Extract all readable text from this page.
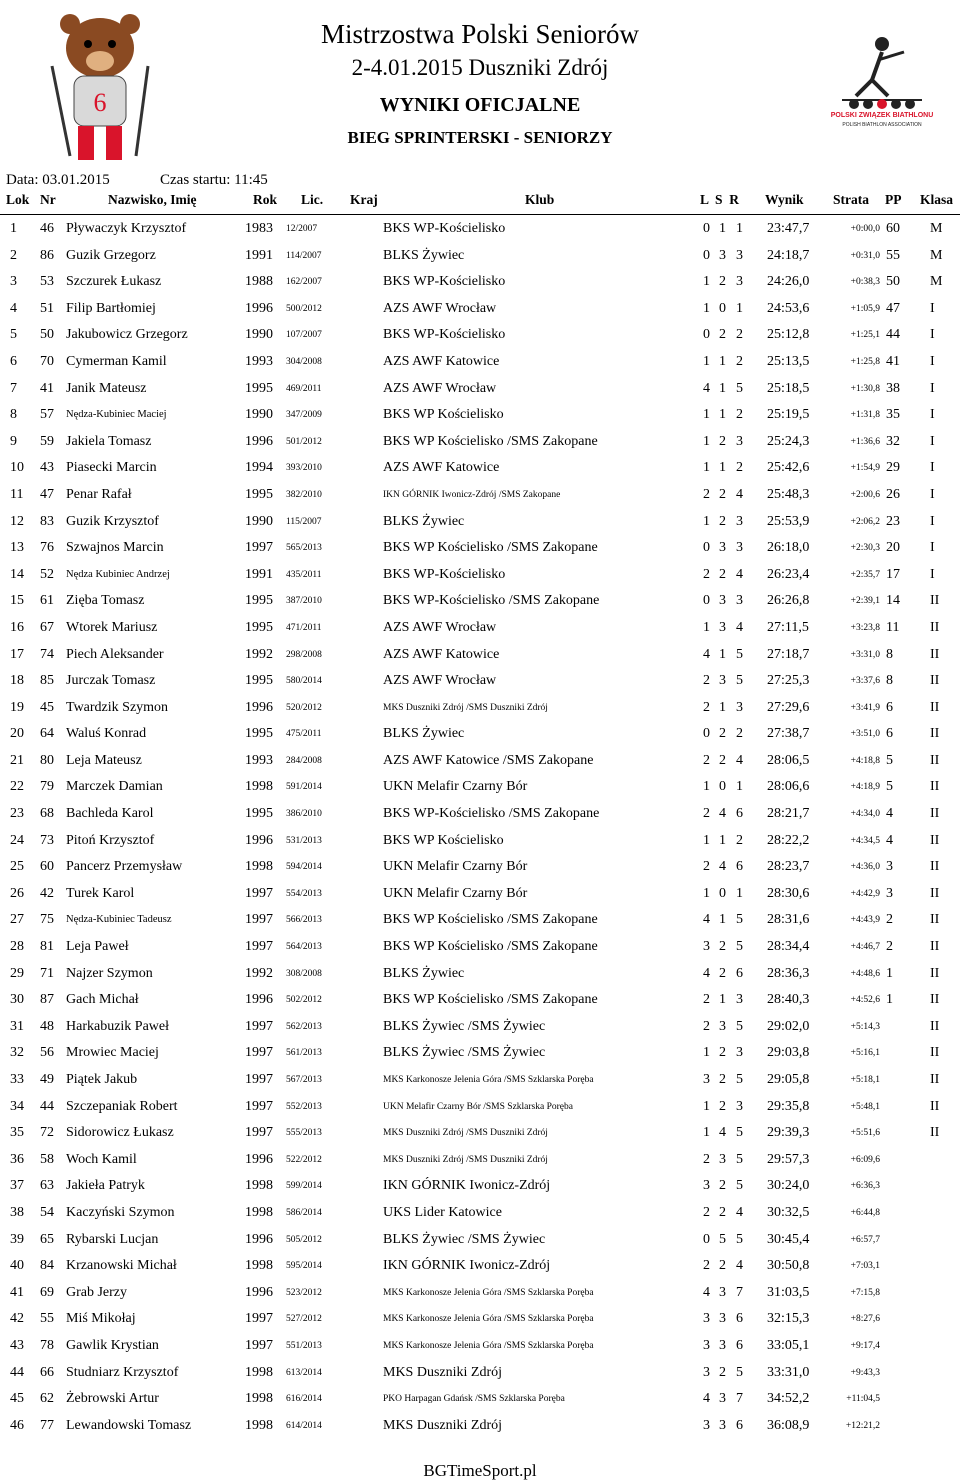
6
Mistrzostwa Polski Seniorów
2-4.01.2015 Duszniki Zdrój
WYNIKI OFICJALNE
BIEG SPRINTERSKI - SENIORZY
POLSKI ZWIĄZEK BIATHLONU
POLISH BIATHLON ASSOCIATION
Data: 03.01.2015	Czas startu: 11:45
Lok Nr	Nazwisko, Imię	Rok Lic. Kraj	Klub	L  S  R Wynik Strata PP Klasa
1 46 Pływaczyk Krzysztof	1983 12/2007	BKS WP-Kościelisko	0 1 1 23:47,7	+0:00,0 60 M
2 86 Guzik Grzegorz	1991 114/2007	BLKS Żywiec	0 3 3 24:18,7	+0:31,0 55 M
3 53 Szczurek Łukasz	1988 162/2007	BKS WP-Kościelisko	1 2 3 24:26,0	+0:38,3 50 M
4 51 Filip Bartłomiej	1996 500/2012	AZS AWF Wrocław	1 0 1 24:53,6	+1:05,9 47 I
5 50 Jakubowicz Grzegorz	1990 107/2007	BKS WP-Kościelisko	0 2 2 25:12,8	+1:25,1 44 I
6 70 Cymerman Kamil	1993 304/2008	AZS AWF Katowice	1 1 2 25:13,5	+1:25,8 41 I
7 41 Janik Mateusz	1995 469/2011	AZS AWF Wrocław	4 1 5 25:18,5	+1:30,8 38 I
8 57 Nędza-Kubiniec Maciej	1990 347/2009	BKS WP Kościelisko	1 1 2 25:19,5	+1:31,8 35 I
9 59 Jakiela Tomasz	1996 501/2012	BKS WP Kościelisko /SMS Zakopane	1 2 3 25:24,3	+1:36,6 32 I
10 43 Piasecki Marcin	1994 393/2010	AZS AWF Katowice	1 1 2 25:42,6	+1:54,9 29 I
11 47 Penar Rafał	1995 382/2010	IKN GÓRNIK Iwonicz-Zdrój /SMS Zakopane	2 2 4 25:48,3	+2:00,6 26 I
12 83 Guzik Krzysztof	1990 115/2007	BLKS Żywiec	1 2 3 25:53,9	+2:06,2 23 I
13 76 Szwajnos Marcin	1997 565/2013	BKS WP Kościelisko /SMS Zakopane	0 3 3 26:18,0	+2:30,3 20 I
14 52 Nędza Kubiniec Andrzej	1991 435/2011	BKS WP-Kościelisko	2 2 4 26:23,4	+2:35,7 17 I
15 61 Zięba Tomasz	1995 387/2010	BKS WP-Kościelisko /SMS Zakopane	0 3 3 26:26,8	+2:39,1 14 II
16 67 Wtorek Mariusz	1995 471/2011	AZS AWF Wrocław	1 3 4 27:11,5	+3:23,8 11 II
17 74 Piech Aleksander	1992 298/2008	AZS AWF Katowice	4 1 5 27:18,7	+3:31,0 8	II
18 85 Jurczak Tomasz	1995 580/2014	AZS AWF Wrocław	2 3 5 27:25,3	+3:37,6 8	II
19 45 Twardzik Szymon	1996 520/2012	MKS Duszniki Zdrój /SMS Duszniki Zdrój	2 1 3 27:29,6	+3:41,9 6	II
20 64 Waluś Konrad	1995 475/2011	BLKS Żywiec	0 2 2 27:38,7	+3:51,0 6	II
21 80 Leja Mateusz	1993 284/2008	AZS AWF Katowice /SMS Zakopane	2 2 4 28:06,5	+4:18,8 5	II
22 79 Marczek Damian	1998 591/2014	UKN Melafir Czarny Bór	1 0 1 28:06,6	+4:18,9 5	II
23 68 Bachleda Karol	1995 386/2010	BKS WP-Kościelisko /SMS Zakopane	2 4 6 28:21,7	+4:34,0 4	II
24 73 Pitoń Krzysztof	1996 531/2013	BKS WP Kościelisko	1 1 2 28:22,2	+4:34,5 4	II
25 60 Pancerz Przemysław	1998 594/2014	UKN Melafir Czarny Bór	2 4 6 28:23,7	+4:36,0 3	II
26 42 Turek Karol	1997 554/2013	UKN Melafir Czarny Bór	1 0 1 28:30,6	+4:42,9 3	II
27 75 Nędza-Kubiniec Tadeusz	1997 566/2013	BKS WP Kościelisko /SMS Zakopane	4 1 5 28:31,6	+4:43,9 2	II
28 81 Leja Paweł	1997 564/2013	BKS WP Kościelisko /SMS Zakopane	3 2 5 28:34,4	+4:46,7 2	II
29 71 Najzer Szymon	1992 308/2008	BLKS Żywiec	4 2 6 28:36,3	+4:48,6 1	II
30 87 Gach Michał	1996 502/2012	BKS WP Kościelisko /SMS Zakopane	2 1 3 28:40,3	+4:52,6 1	II
31 48 Harkabuzik Paweł	1997 562/2013	BLKS Żywiec /SMS Żywiec	2 3 5 29:02,0	+5:14,3	II
32 56 Mrowiec Maciej	1997 561/2013	BLKS Żywiec /SMS Żywiec	1 2 3 29:03,8	+5:16,1	II
33 49 Piątek Jakub	1997 567/2013	MKS Karkonosze Jelenia Góra /SMS Szklarska Poręba	3 2 5 29:05,8	+5:18,1	II
34 44 Szczepaniak Robert	1997 552/2013	UKN Melafir Czarny Bór /SMS Szklarska Poręba	1 2 3 29:35,8	+5:48,1	II
35 72 Sidorowicz Łukasz	1997 555/2013	MKS Duszniki Zdrój /SMS Duszniki Zdrój	1 4 5 29:39,3	+5:51,6	II
36 58 Woch Kamil	1996 522/2012	MKS Duszniki Zdrój /SMS Duszniki Zdrój	2 3 5 29:57,3	+6:09,6
37 63 Jakieła Patryk	1998 599/2014	IKN GÓRNIK Iwonicz-Zdrój	3 2 5 30:24,0	+6:36,3
38 54 Kaczyński Szymon	1998 586/2014	UKS Lider Katowice	2 2 4 30:32,5	+6:44,8
39 65 Rybarski Lucjan	1996 505/2012	BLKS Żywiec /SMS Żywiec	0 5 5 30:45,4	+6:57,7
40 84 Krzanowski Michał	1998 595/2014	IKN GÓRNIK Iwonicz-Zdrój	2 2 4 30:50,8	+7:03,1
41 69 Grab Jerzy	1996 523/2012	MKS Karkonosze Jelenia Góra /SMS Szklarska Poręba	4 3 7 31:03,5	+7:15,8
42 55 Miś Mikołaj	1997 527/2012	MKS Karkonosze Jelenia Góra /SMS Szklarska Poręba	3 3 6 32:15,3	+8:27,6
43 78 Gawlik Krystian	1997 551/2013	MKS Karkonosze Jelenia Góra /SMS Szklarska Poręba	3 3 6 33:05,1	+9:17,4
44 66 Studniarz Krzysztof	1998 613/2014	MKS Duszniki Zdrój	3 2 5 33:31,0	+9:43,3
45 62 Żebrowski Artur	1998 616/2014	PKO Harpagan Gdańsk /SMS Szklarska Poręba	4 3 7 34:52,2	+11:04,5
46 77 Lewandowski Tomasz	1998 614/2014	MKS Duszniki Zdrój	3 3 6 36:08,9	+12:21,2
BGTimeSport.pl
